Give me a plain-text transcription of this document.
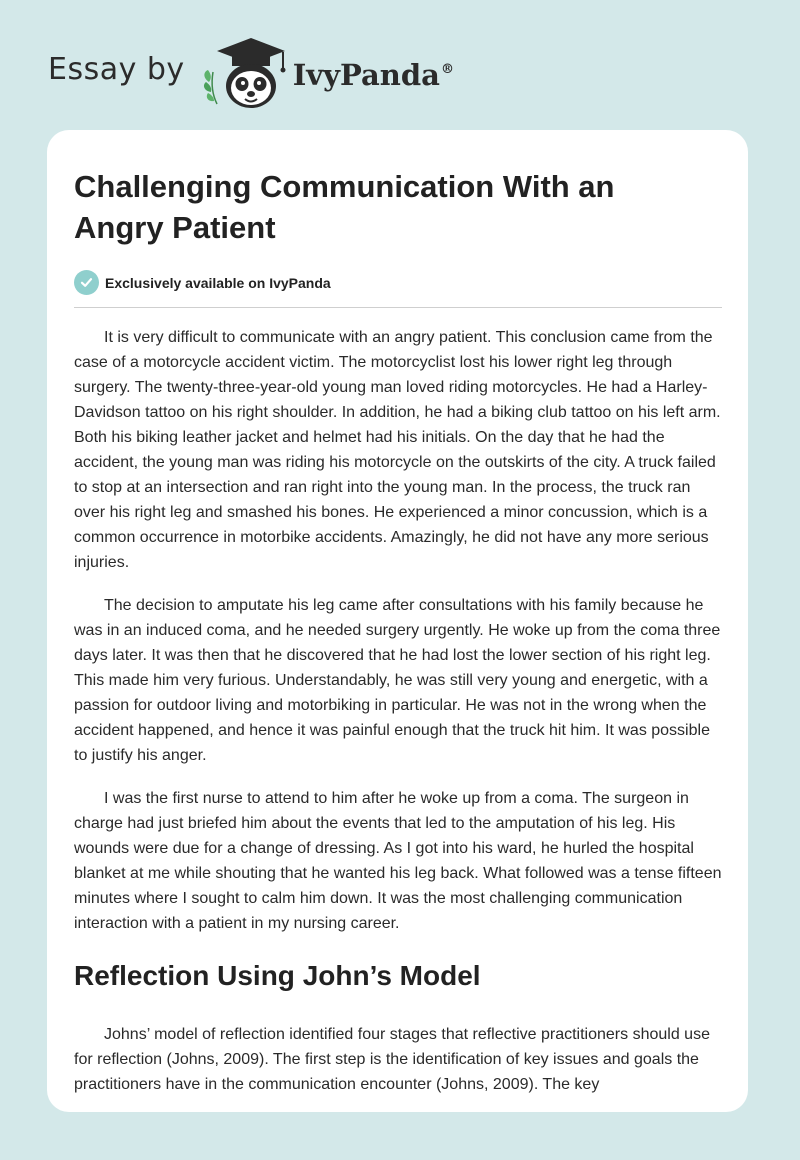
Essay by	IvyPanda®
Challenging Communication With an Angry Patient
Exclusively available on IvyPanda

It is very difficult to communicate with an angry patient. This conclusion came from the case of a motorcycle accident victim. The motorcyclist lost his lower right leg through surgery. The twenty-three-year-old young man loved riding motorcycles. He had a Harley-Davidson tattoo on his right shoulder. In addition, he had a biking club tattoo on his left arm. Both his biking leather jacket and helmet had his initials. On the day that he had the accident, the young man was riding his motorcycle on the outskirts of the city. A truck failed to stop at an intersection and ran right into the young man. In the process, the truck ran over his right leg and smashed his bones. He experienced a minor concussion, which is a common occurrence in motorbike accidents. Amazingly, he did not have any more serious injuries.

The decision to amputate his leg came after consultations with his family because he was in an induced coma, and he needed surgery urgently. He woke up from the coma three days later. It was then that he discovered that he had lost the lower section of his right leg. This made him very furious. Understandably, he was still very young and energetic, with a passion for outdoor living and motorbiking in particular. He was not in the wrong when the accident happened, and hence it was painful enough that the truck hit him. It was possible to justify his anger.

I was the first nurse to attend to him after he woke up from a coma. The surgeon in charge had just briefed him about the events that led to the amputation of his leg. His wounds were due for a change of dressing. As I got into his ward, he hurled the hospital blanket at me while shouting that he wanted his leg back. What followed was a tense fifteen minutes where I sought to calm him down. It was the most challenging communication interaction with a patient in my nursing career.

Reflection Using John’s Model

Johns’ model of reflection identified four stages that reflective practitioners should use for reflection (Johns, 2009). The first step is the identification of key issues and goals the practitioners have in the communication encounter (Johns, 2009). The key
